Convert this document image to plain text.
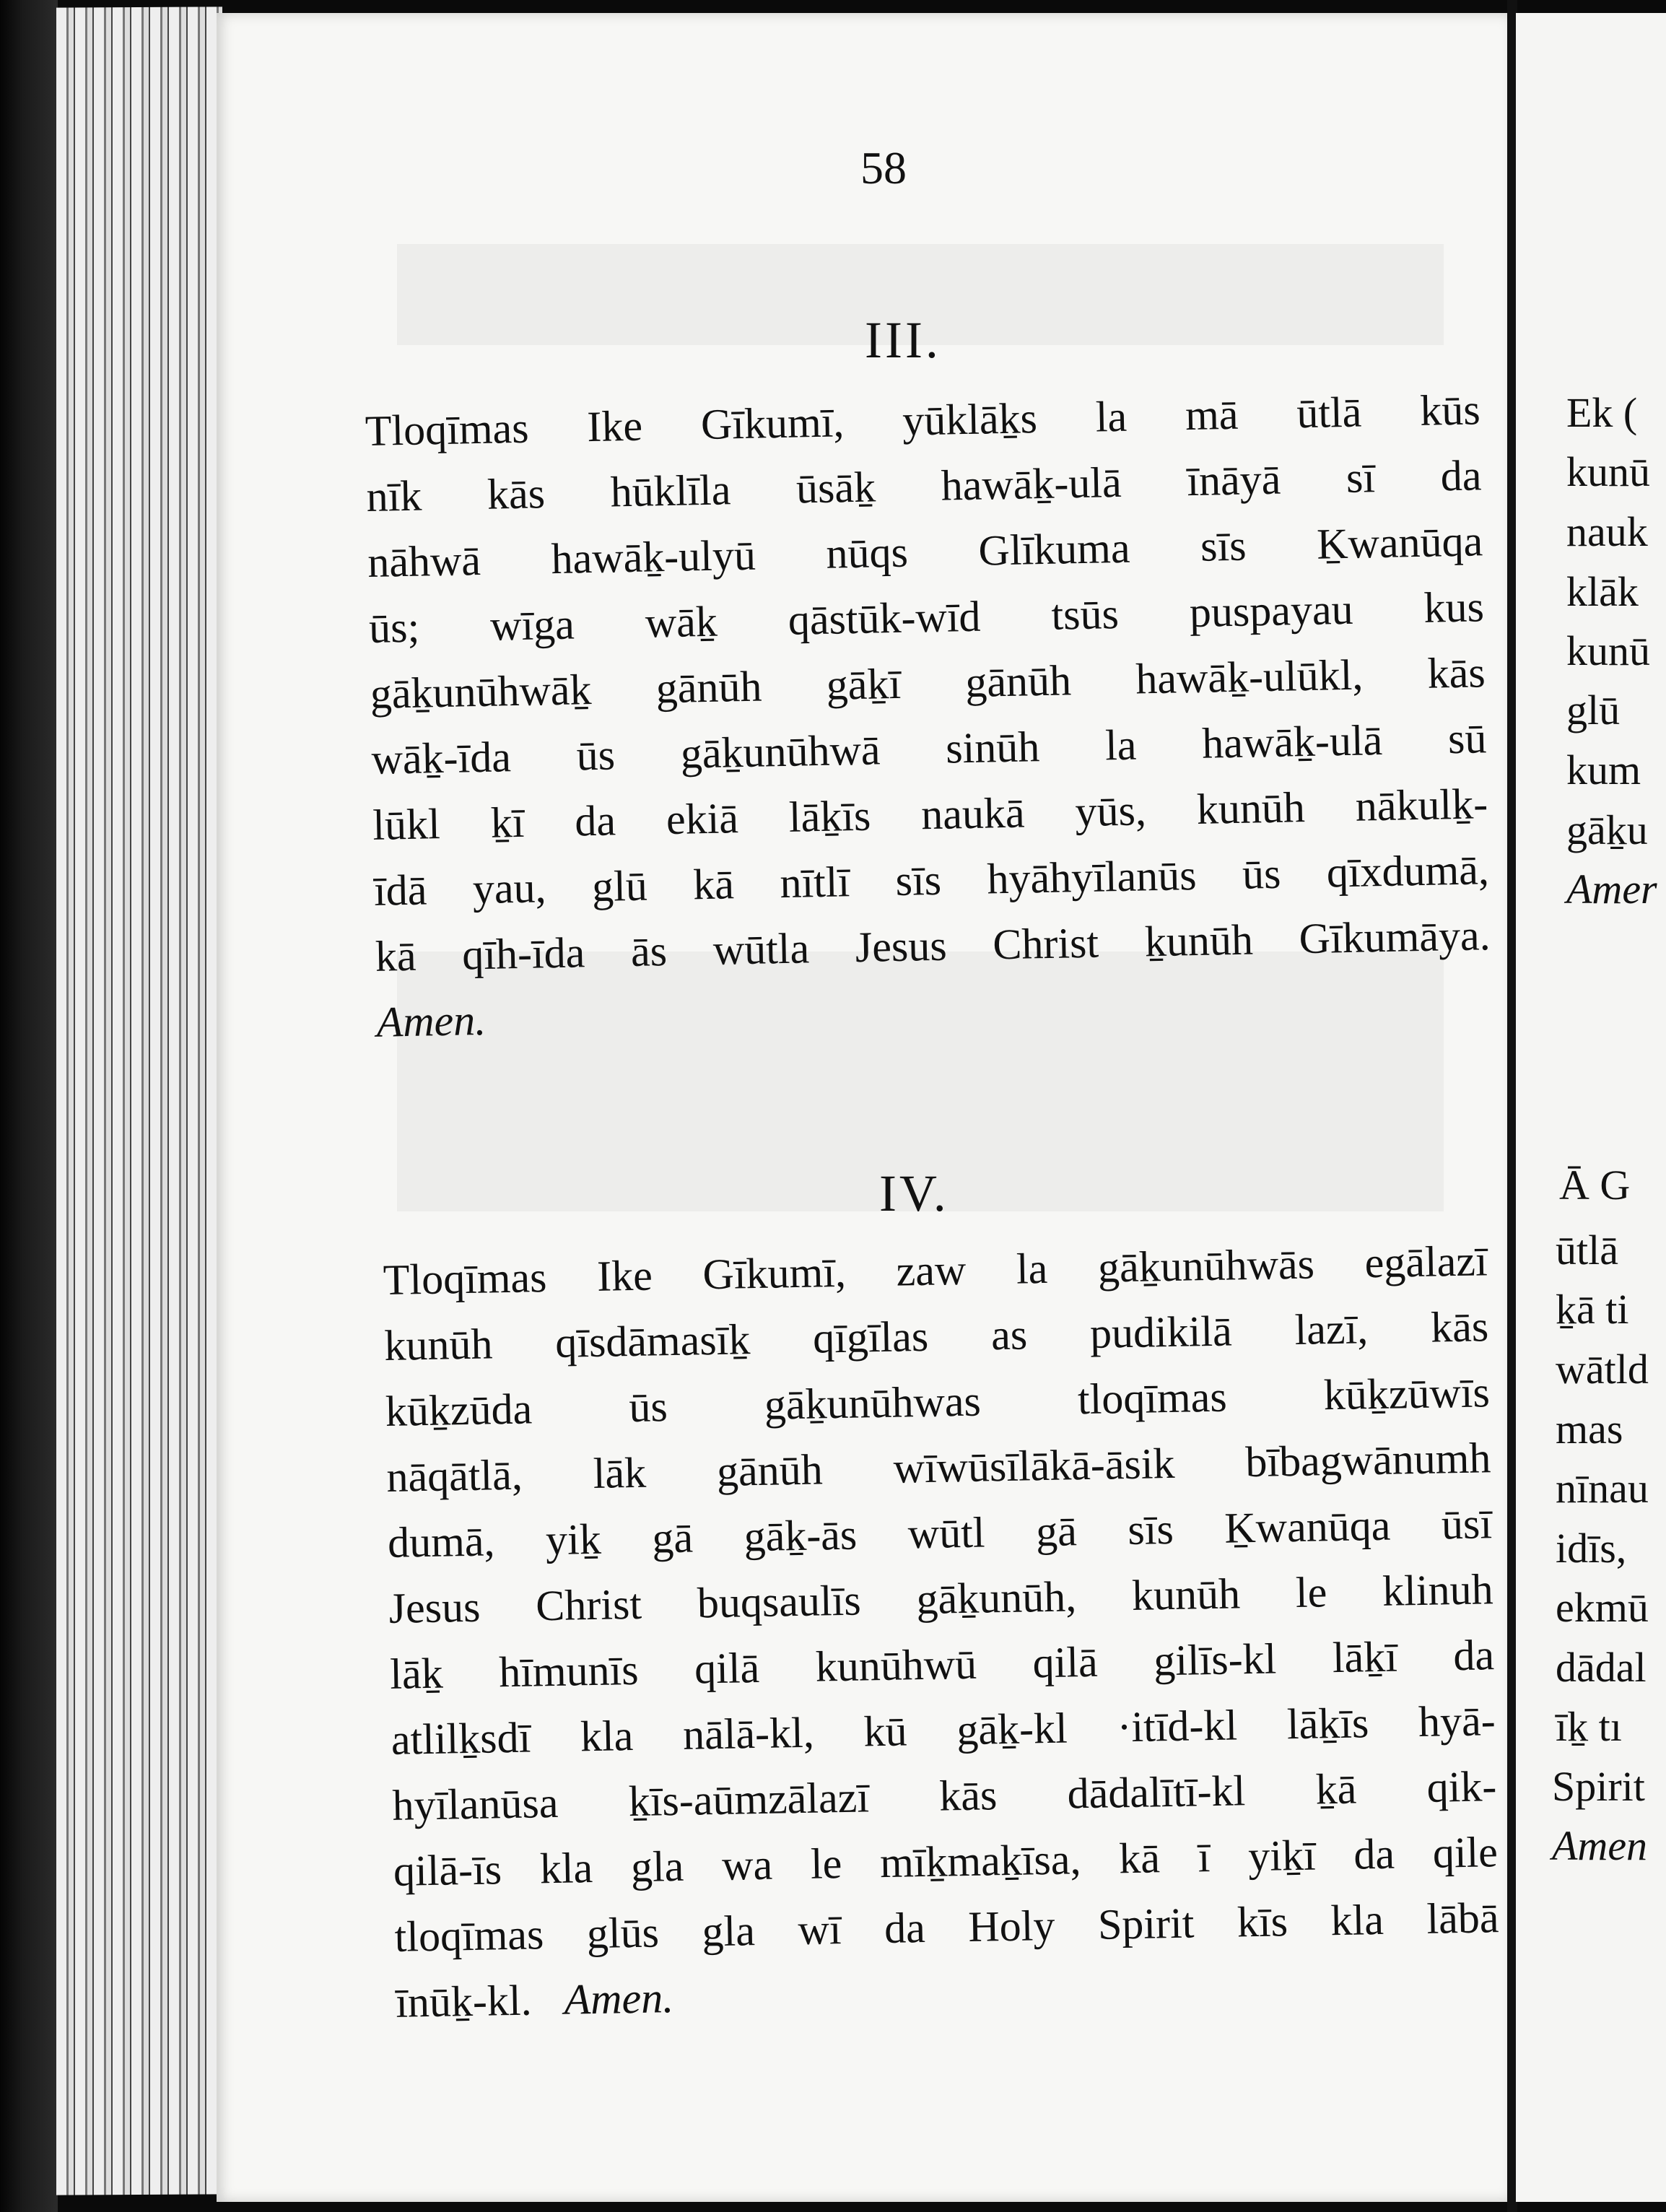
58
III.
Tloqīmas Ike Gīkumī, yūklāḵs la mā ūtlā kūs
nīk kās hūklīla ūsāḵ hawāḵ-ulā īnāyā sī da
nāhwā hawāḵ-ulyū nūqs Glīkuma sīs Ḵwanūqa
ūs; wīga wāḵ qāstūk-wīd tsūs puspayau kus
gāḵunūhwāḵ gānūh gāḵī gānūh hawāḵ-ulūkl, kās
wāḵ-īda ūs gāḵunūhwā sinūh la hawāḵ-ulā sū
lūkl ḵī da ekiā lāḵīs naukā yūs, kunūh nākulḵ-
īdā yau, glū kā nītlī sīs hyāhyīlanūs ūs qīxdumā,
kā qīh-īda ās wūtla Jesus Christ ḵunūh Gīkumāya.
Amen.
IV.
Tloqīmas Ike Gīkumī, zaw la gāḵunūhwās egālazī
kunūh qīsdāmasīḵ qīgīlas as pudikilā lazī, kās
kūḵzūda ūs gāḵunūhwas tloqīmas kūḵzūwīs
nāqātlā, lāk gānūh wīwūsīlākā-āsik bībagwānumh
dumā, yiḵ gā gāḵ-ās wūtl gā sīs Ḵwanūqa ūsī
Jesus Christ buqsaulīs gāḵunūh, kunūh le klinuh
lāḵ hīmunīs qilā kunūhwū qilā gilīs-kl lāḵī da
atlilḵsdī kla nālā-kl, kū gāḵ-kl ·itīd-kl lāḵīs hyā-
hyīlanūsa ḵīs-aūmzālazī kās dādalītī-kl ḵā qik-
qilā-īs kla gla wa le mīḵmaḵīsa, kā ī yiḵī da qile
tloqīmas glūs gla wī da Holy Spirit kīs kla lābā
īnūḵ-kl. Amen.
Ek (
kunū
nauk
klāk
kunū
glū
kum
gāḵu
Amer
Ā G
ūtlā
ḵā ti
wātld
mas
nīnau
idīs,
ekmū
dādal
īḵ tı
Spirit
Amen
